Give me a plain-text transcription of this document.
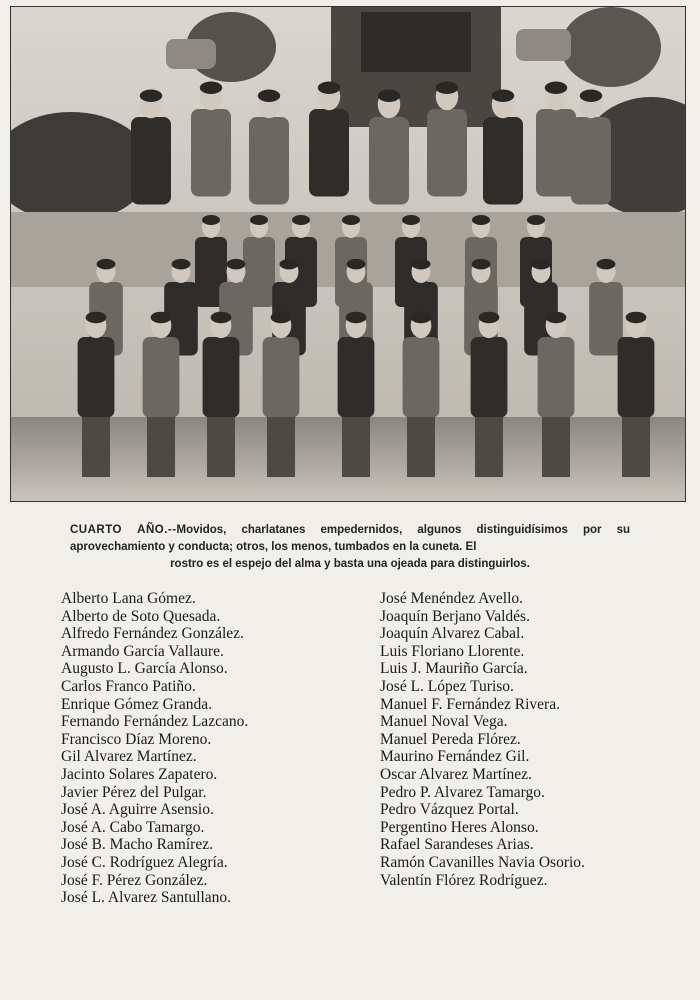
CUARTO AÑO.--Movidos, charlatanes empedernidos, algunos distinguidísimos por su aprovechamiento y conducta; otros, los menos, tumbados en la cuneta. El
rostro es el espejo del alma y basta una ojeada para distinguirlos.
Alberto Lana Gómez.
Alberto de Soto Quesada.
Alfredo Fernández González.
Armando García Vallaure.
Augusto L. García Alonso.
Carlos Franco Patiño.
Enrique Gómez Granda.
Fernando Fernández Lazcano.
Francisco Díaz Moreno.
Gil Alvarez Martínez.
Jacinto Solares Zapatero.
Javier Pérez del Pulgar.
José A. Aguirre Asensio.
José A. Cabo Tamargo.
José B. Macho Ramírez.
José C. Rodríguez Alegría.
José F. Pérez González.
José L. Alvarez Santullano.
José Menéndez Avello.
Joaquín Berjano Valdés.
Joaquín Alvarez Cabal.
Luis Floriano Llorente.
Luis J. Mauriño García.
José L. López Turiso.
Manuel F. Fernández Rivera.
Manuel Noval Vega.
Manuel Pereda Flórez.
Maurino Fernández Gil.
Oscar Alvarez Martínez.
Pedro P. Alvarez Tamargo.
Pedro Vázquez Portal.
Pergentino Heres Alonso.
Rafael Sarandeses Arias.
Ramón Cavanilles Navia Osorio.
Valentín Flórez Rodríguez.
